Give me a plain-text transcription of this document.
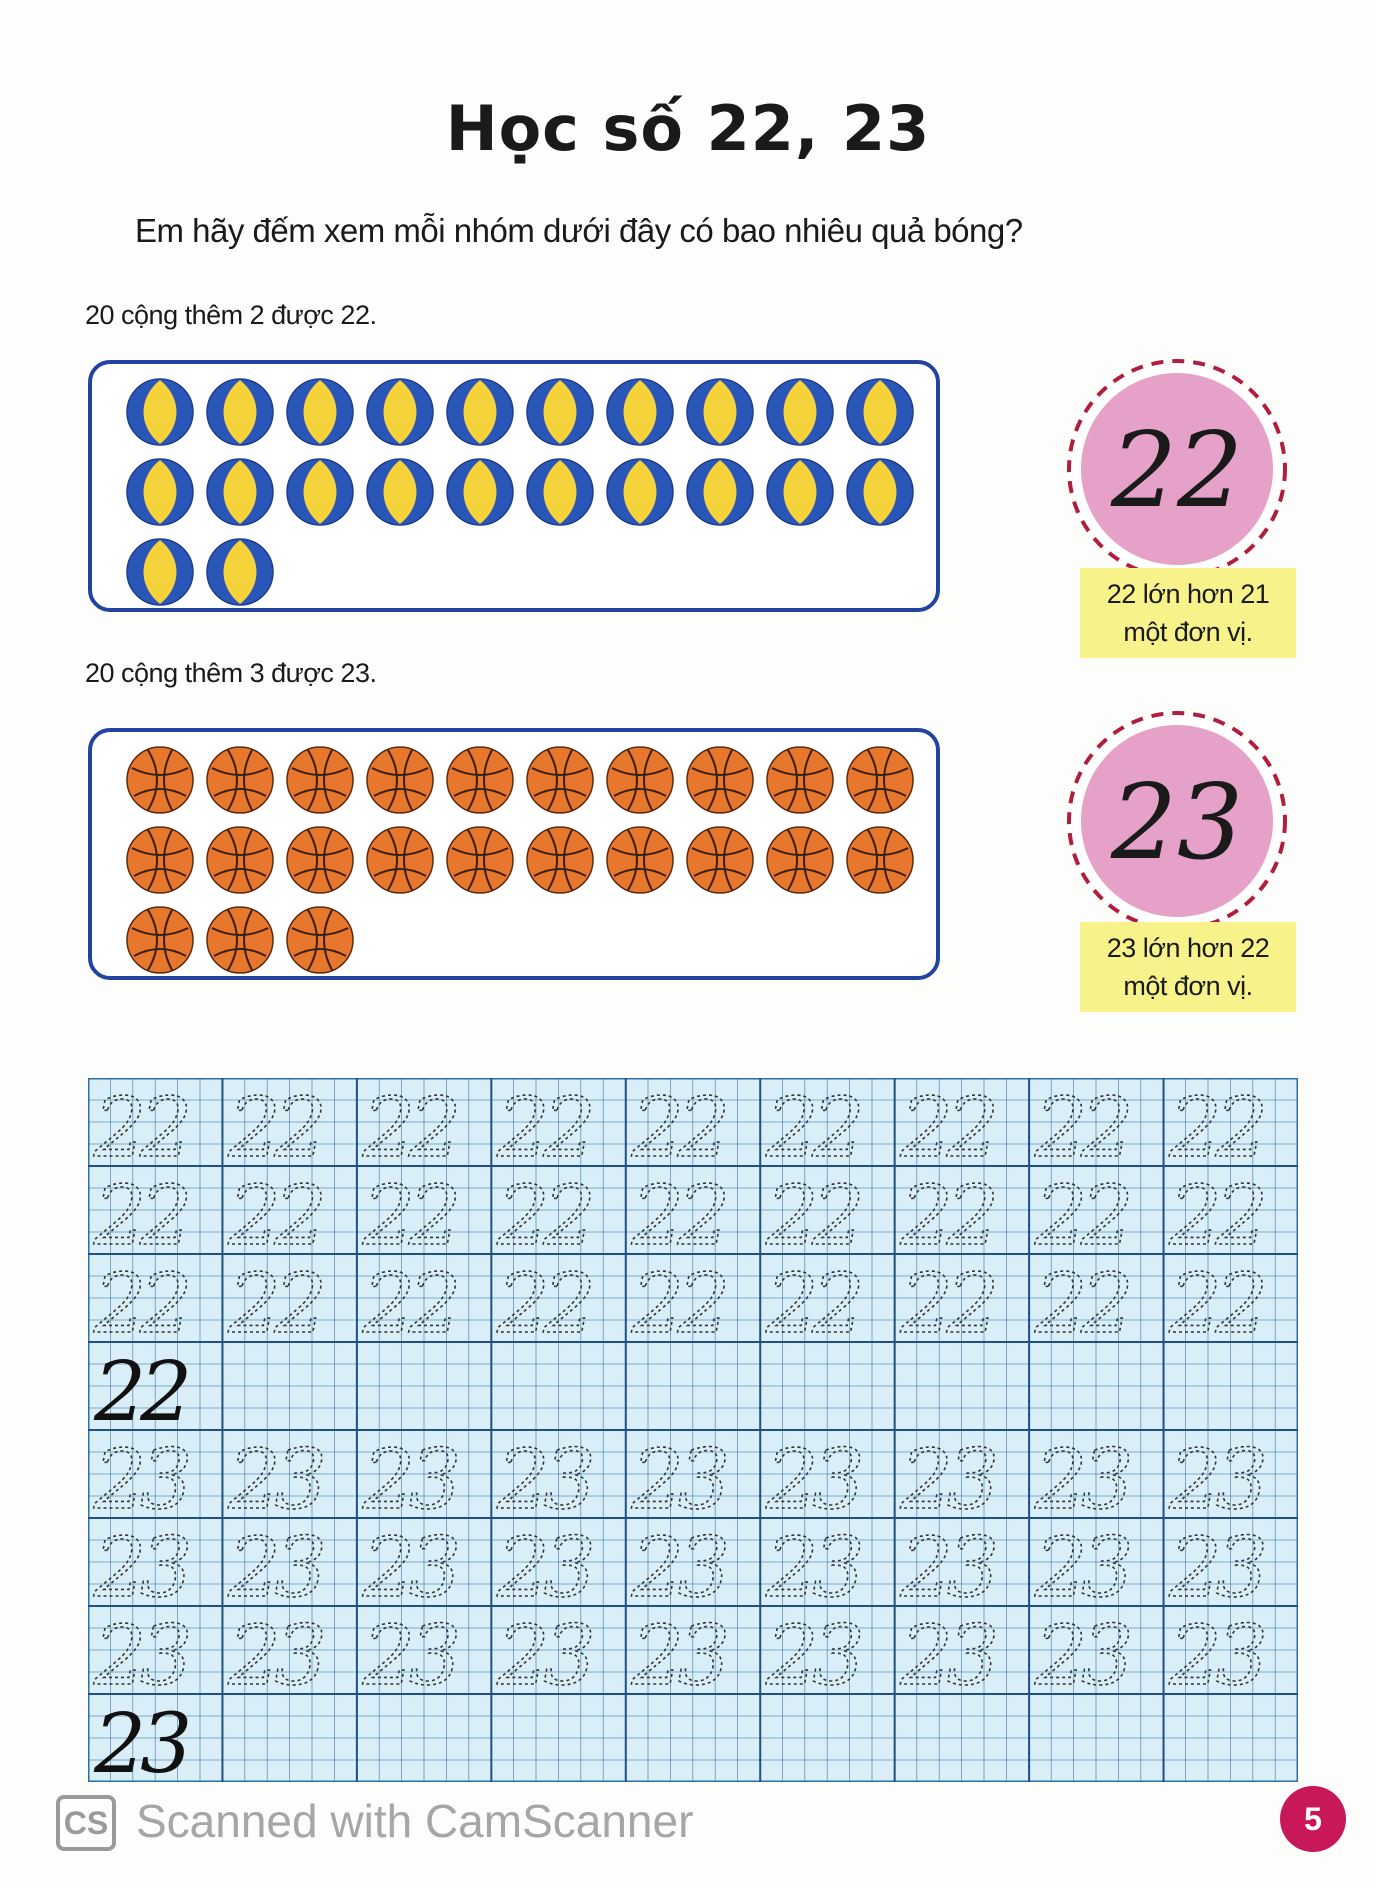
Học số 22, 23
Em hãy đếm xem mỗi nhóm dưới đây có bao nhiêu quả bóng?
20 cộng thêm 2 được 22.
20 cộng thêm 3 được 23.
22
22 lớn hơn 21
một đơn vị.
23
23 lớn hơn 22
một đơn vị.
22 22 22 22 22 22 22 22 22
22 22 22 22 22 22 22 22 22
22 22 22 22 22 22 22 22 22
22
23 23 23 23 23 23 23 23 23
23 23 23 23 23 23 23 23 23
23 23 23 23 23 23 23 23 23
23
CS Scanned with CamScanner	5
